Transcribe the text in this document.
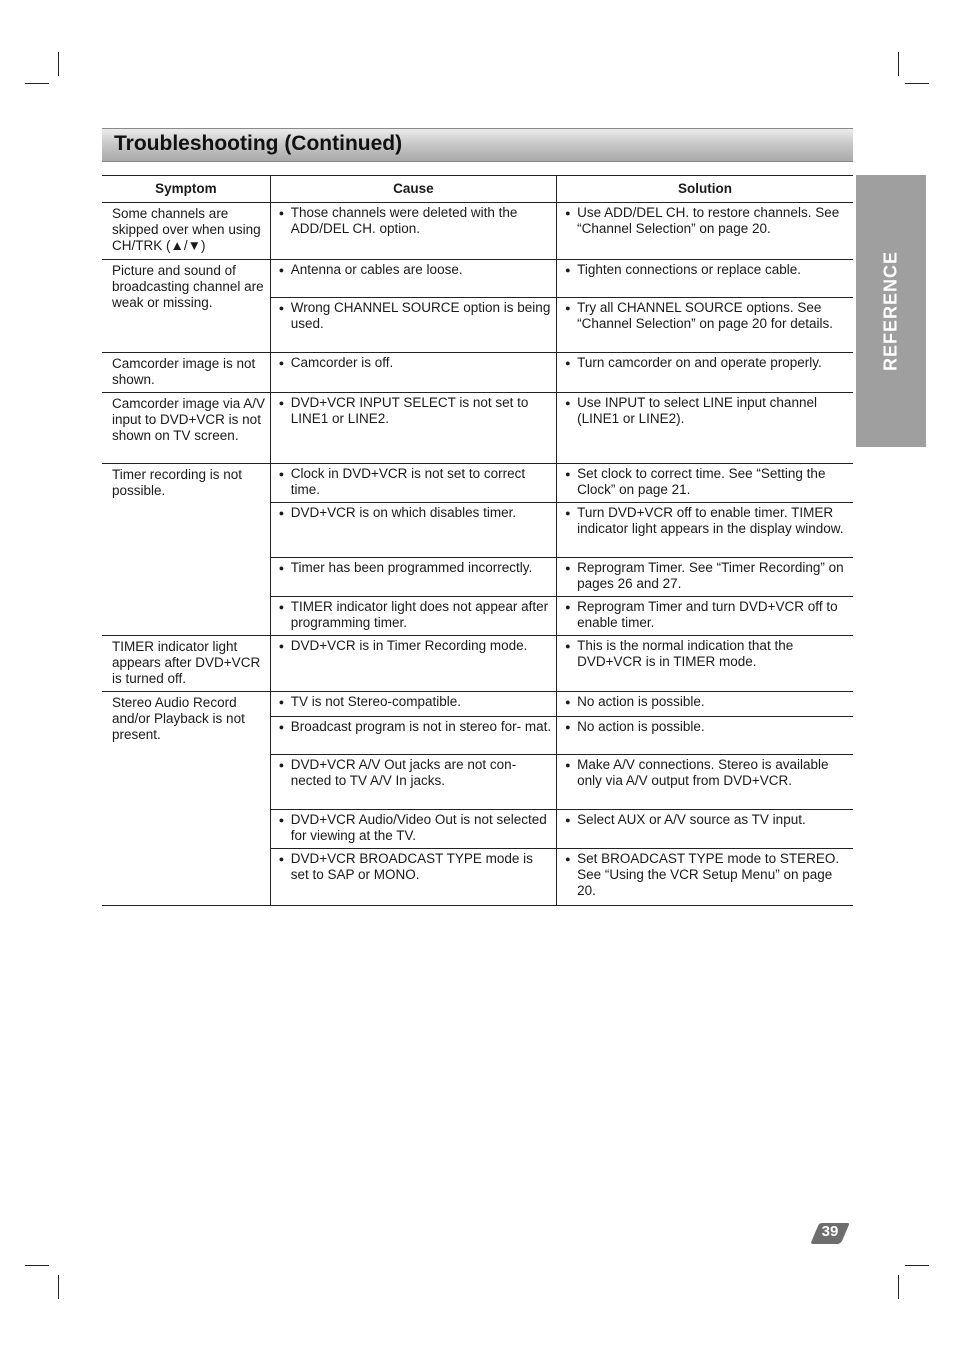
Troubleshooting (Continued)
REFERENCE
Symptom	Cause	Solution
Some channels are skipped over when using CH/TRK (▲/▼)	● Those channels were deleted with the ADD/DEL CH. option.	● Use ADD/DEL CH. to restore channels. See “Channel Selection” on page 20.

Picture and sound of broadcasting channel are weak or missing.	● Antenna or cables are loose.	● Tighten connections or replace cable.

	● Wrong CHANNEL SOURCE option is being used.	● Try all CHANNEL SOURCE options. See “Channel Selection” on page 20 for details.

Camcorder image is not shown.	● Camcorder is off.	● Turn camcorder on and operate properly.

Camcorder image via A/V input to DVD+VCR is not shown on TV screen.	● DVD+VCR INPUT SELECT is not set to LINE1 or LINE2.	● Use INPUT to select LINE input channel (LINE1 or LINE2).

Timer recording is not possible.	● Clock in DVD+VCR is not set to correct time.	● Set clock to correct time. See “Setting the Clock” on page 21.

	● DVD+VCR is on which disables timer.	● Turn DVD+VCR off to enable timer. TIMER indicator light appears in the display window.

	● Timer has been programmed incorrectly.	● Reprogram Timer. See “Timer Recording” on pages 26 and 27.

	● TIMER indicator light does not appear after programming timer.	● Reprogram Timer and turn DVD+VCR off to enable timer.

TIMER indicator light appears after DVD+VCR is turned off.	● DVD+VCR is in Timer Recording mode.	● This is the normal indication that the DVD+VCR is in TIMER mode.

Stereo Audio Record and/or Playback is not present.	● TV is not Stereo-compatible.	● No action is possible.

	● Broadcast program is not in stereo for- mat.	● No action is possible.

	● DVD+VCR A/V Out jacks are not con- nected to TV A/V In jacks.	● Make A/V connections. Stereo is available only via A/V output from DVD+VCR.

	● DVD+VCR Audio/Video Out is not selected for viewing at the TV.	● Select AUX or A/V source as TV input.

	● DVD+VCR BROADCAST TYPE mode is set to SAP or MONO.	● Set BROADCAST TYPE mode to STEREO. See “Using the VCR Setup Menu” on page 20.
39
